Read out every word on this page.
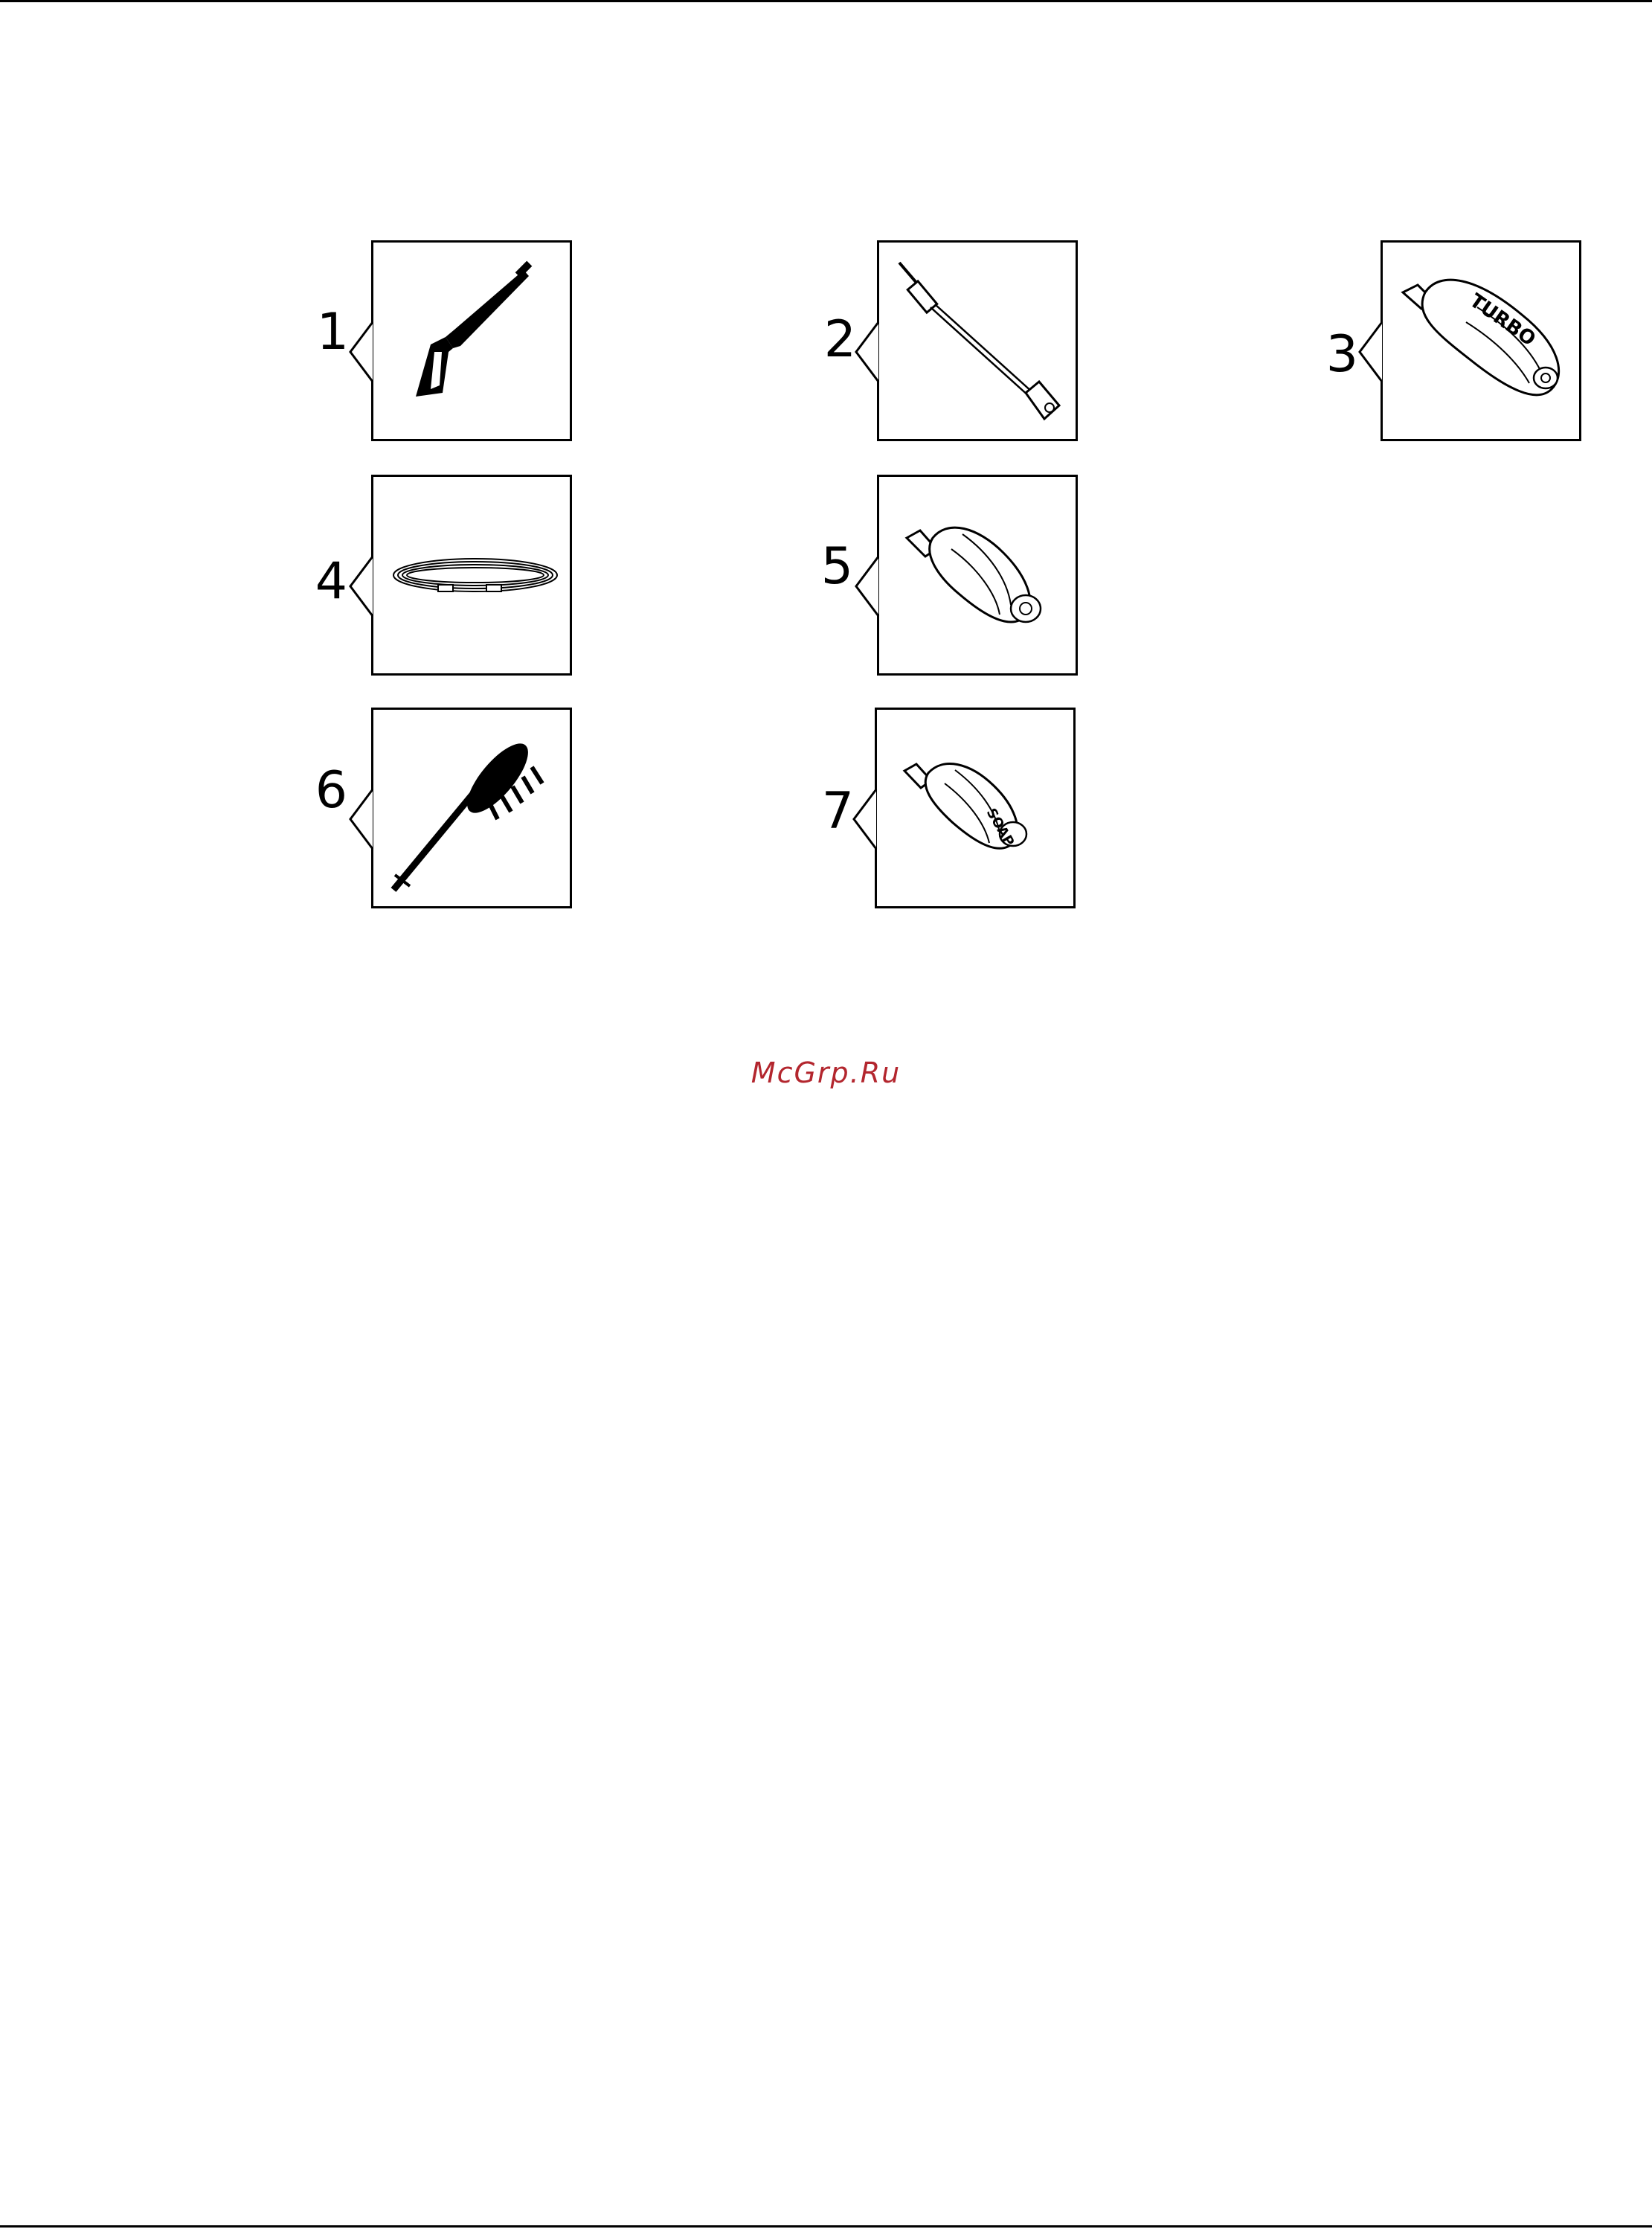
1	2	3
TURBO
4	5
6	7	SOAP
McGrp.Ru
